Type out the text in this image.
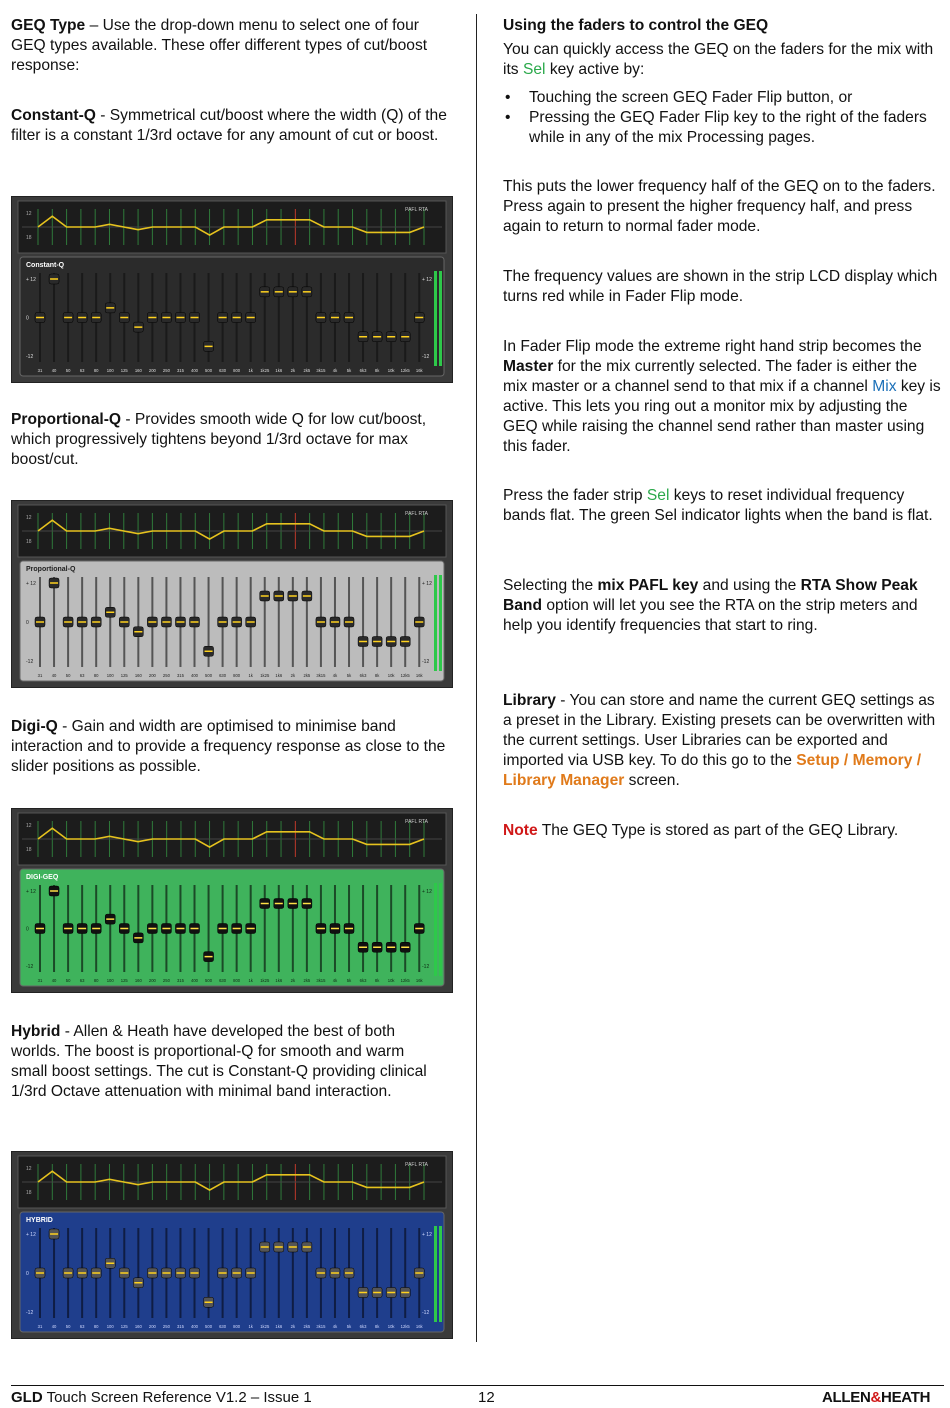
GEQ Type – Use the drop-down menu to select one of four GEQ types available. These offer different types of cut/boost response:

Constant-Q - Symmetrical cut/boost where the width (Q) of the filter is a constant 1/3rd octave for any amount of cut or boost.

Proportional-Q - Provides smooth wide Q for low cut/boost, which progressively tightens beyond 1/3rd octave for max boost/cut.

Digi-Q - Gain and width are optimised to minimise band interaction and to provide a frequency response as close to the slider positions as possible.

Hybrid - Allen & Heath have developed the best of both worlds. The boost is proportional-Q for smooth and warm small boost settings. The cut is Constant-Q providing clinical 1/3rd Octave attenuation with minimal band interaction.

PAFL RTA
12
18
Constant-Q
+ 12	+ 12
0
-12	-12
31 40 50 63 80 100 125 160 200 250 315 400 500 630 800 1k 1k25 1k6 2k 2k5 3k15 4k 5k 6k3 8k 10k 12k5 16k
PAFL RTA
12
18
Proportional-Q
+ 12	+ 12
0
-12	-12
31 40 50 63 80 100 125 160 200 250 315 400 500 630 800 1k 1k25 1k6 2k 2k5 3k15 4k 5k 6k3 8k 10k 12k5 16k
PAFL RTA
12
18
DIGI-GEQ
+ 12	+ 12
0
-12	-12
31 40 50 63 80 100 125 160 200 250 315 400 500 630 800 1k 1k25 1k6 2k 2k5 3k15 4k 5k 6k3 8k 10k 12k5 16k
PAFL RTA
12
18
HYBRID
+ 12	+ 12
0
-12	-12
31 40 50 63 80 100 125 160 200 250 315 400 500 630 800 1k 1k25 1k6 2k 2k5 3k15 4k 5k 6k3 8k 10k 12k5 16k

Using the faders to control the GEQ

You can quickly access the GEQ on the faders for the mix with its Sel key active by:

• Touching the screen GEQ Fader Flip button, or
• Pressing the GEQ Fader Flip key to the right of the faders while in any of the mix Processing pages.

This puts the lower frequency half of the GEQ on to the faders. Press again to present the higher frequency half, and press again to return to normal fader mode.

The frequency values are shown in the strip LCD display which turns red while in Fader Flip mode.

In Fader Flip mode the extreme right hand strip becomes the Master for the mix currently selected. The fader is either the mix master or a channel send to that mix if a channel Mix key is active. This lets you ring out a monitor mix by adjusting the GEQ while raising the channel send rather than master using this fader.

Press the fader strip Sel keys to reset individual frequency bands flat. The green Sel indicator lights when the band is flat.

Selecting the mix PAFL key and using the RTA Show Peak Band option will let you see the RTA on the strip meters and help you identify frequencies that start to ring.

Library - You can store and name the current GEQ settings as a preset in the Library. Existing presets can be overwritten with the current settings. User Libraries can be exported and imported via USB key. To do this go to the Setup / Memory / Library Manager screen.

Note The GEQ Type is stored as part of the GEQ Library.

GLD Touch Screen Reference V1.2 – Issue 1	12	ALLEN&HEATH
